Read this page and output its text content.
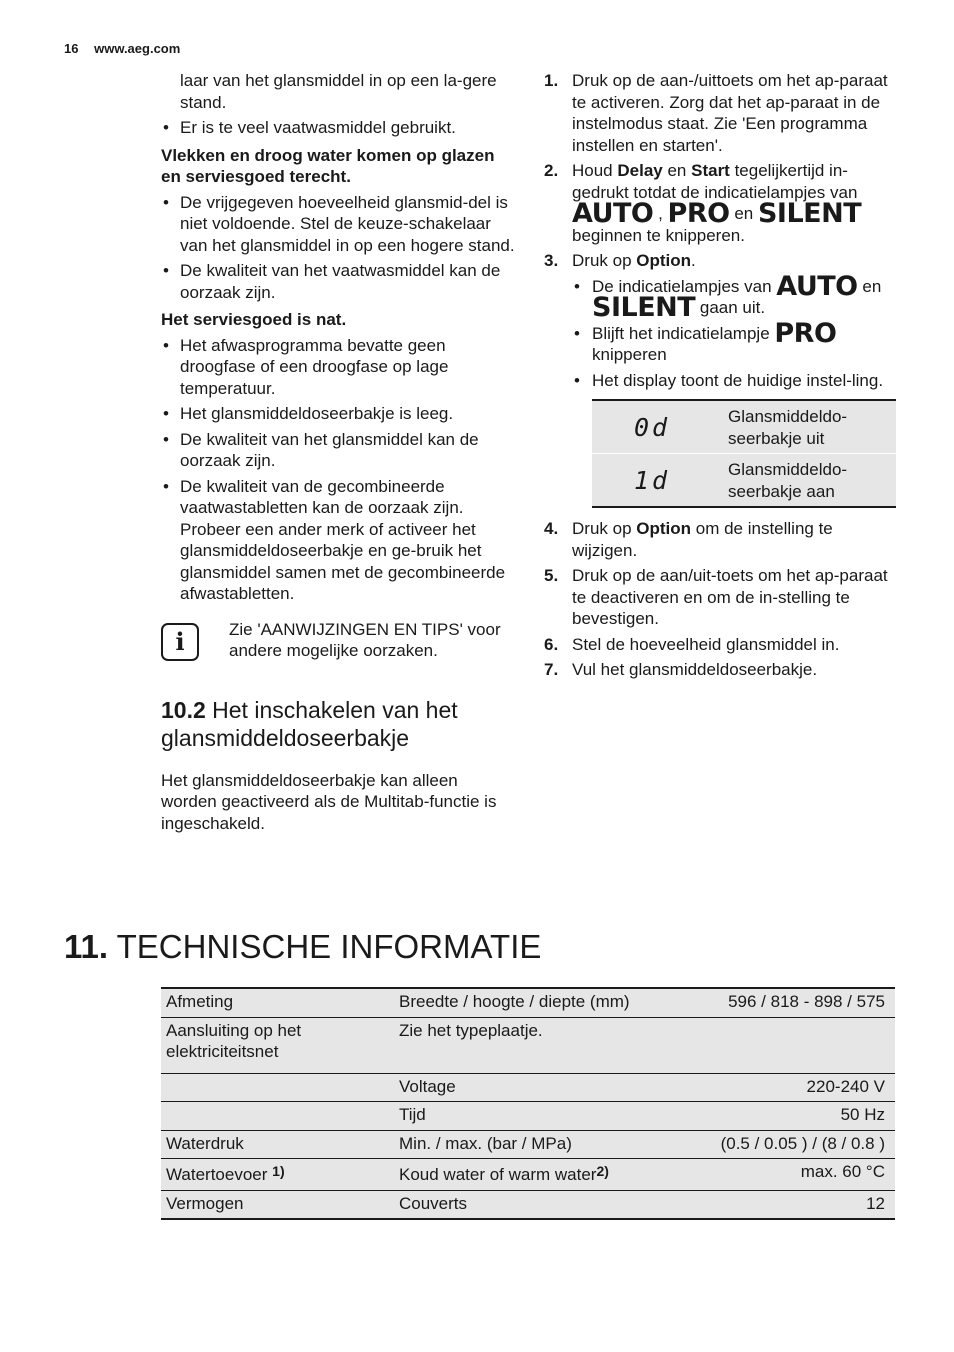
16 www.aeg.com

laar van het glansmiddel in op een la-gere stand.

• Er is te veel vaatwasmiddel gebruikt.

Vlekken en droog water komen op glazen en serviesgoed terecht.

• De vrijgegeven hoeveelheid glansmid-del is niet voldoende. Stel de keuze-schakelaar van het glansmiddel in op een hogere stand.

• De kwaliteit van het vaatwasmiddel kan de oorzaak zijn.

Het serviesgoed is nat.

• Het afwasprogramma bevatte geen droogfase of een droogfase op lage temperatuur.

• Het glansmiddeldoseerbakje is leeg.

• De kwaliteit van het glansmiddel kan de oorzaak zijn.

• De kwaliteit van de gecombineerde vaatwastabletten kan de oorzaak zijn. Probeer een ander merk of activeer het glansmiddeldoseerbakje en ge-bruik het glansmiddel samen met de gecombineerde afwastabletten.

i	Zie 'AANWIJZINGEN EN TIPS' voor andere mogelijke oorzaken.

10.2 Het inschakelen van het glansmiddeldoseerbakje

Het glansmiddeldoseerbakje kan alleen worden geactiveerd als de Multitab-functie is ingeschakeld.

1. Druk op de aan-/uittoets om het ap-paraat te activeren. Zorg dat het ap-paraat in de instelmodus staat. Zie 'Een programma instellen en starten'.
2. Houd Delay en Start tegelijkertijd in-gedrukt totdat de indicatielampjes van AUTO , PRO en SILENT beginnen te knipperen.
3. Druk op Option.

• De indicatielampjes van AUTO en SILENT gaan uit.

• Blijft het indicatielampje PRO knipperen

• Het display toont de huidige instel-ling.

0d	Glansmiddeldo-seerbakje uit
1d	Glansmiddeldo-seerbakje aan
4. Druk op Option om de instelling te wijzigen.
5. Druk op de aan/uit-toets om het ap-paraat te deactiveren en om de in-stelling te bevestigen.
6. Stel de hoeveelheid glansmiddel in.
7. Vul het glansmiddeldoseerbakje.
11. TECHNISCHE INFORMATIE
Afmeting	Breedte / hoogte / diepte (mm)	596 / 818 - 898 / 575
Aansluiting op het elektriciteitsnet	Zie het typeplaatje.	
	Voltage	220-240 V
	Tijd	50 Hz
Waterdruk	Min. / max. (bar / MPa)	(0.5 / 0.05 ) / (8 / 0.8 )
Watertoevoer $^{1)}$	Koud water of warm water$^{2)}$	max. 60 °C
Vermogen	Couverts	12
